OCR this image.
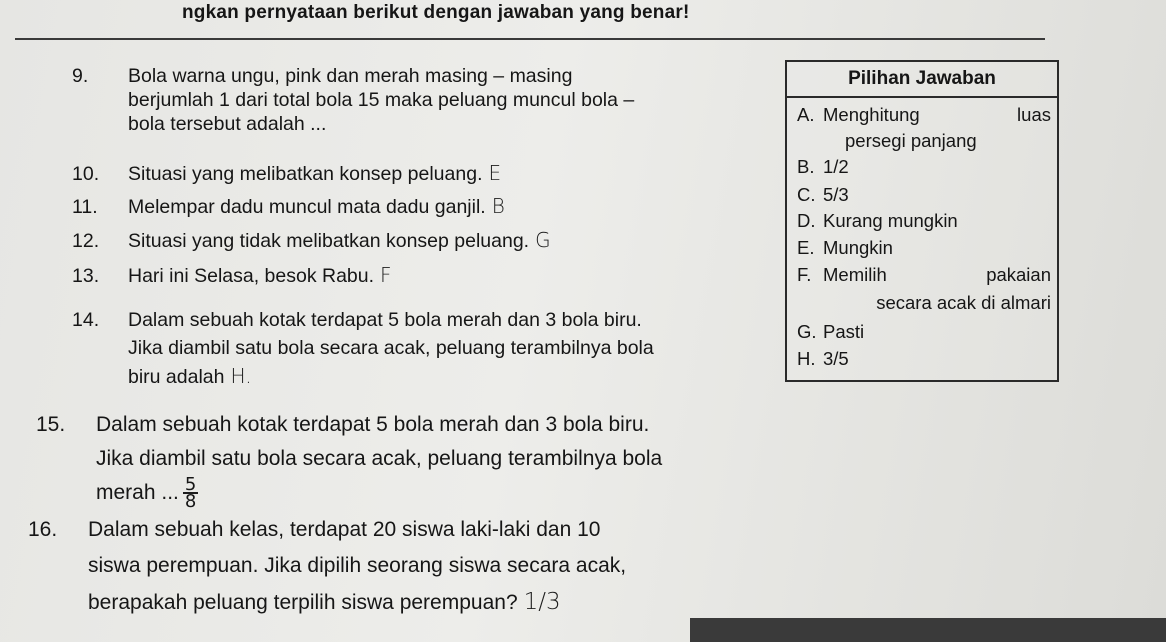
ngkan pernyataan berikut dengan jawaban yang benar!
9. Bola warna ungu, pink dan merah masing – masing
berjumlah 1 dari total bola 15 maka peluang muncul bola –
bola tersebut adalah ...
10. Situasi yang melibatkan konsep peluang. E
11. Melempar dadu muncul mata dadu ganjil. B
12. Situasi yang tidak melibatkan konsep peluang. G
13. Hari ini Selasa, besok Rabu. F
14. Dalam sebuah kotak terdapat 5 bola merah dan 3 bola biru.
Jika diambil satu bola secara acak, peluang terambilnya bola
biru adalah H.
15. Dalam sebuah kotak terdapat 5 bola merah dan 3 bola biru.
Jika diambil satu bola secara acak, peluang terambilnya bola
merah ... $\frac{5}{8}$
16. Dalam sebuah kelas, terdapat 20 siswa laki-laki dan 10
siswa perempuan. Jika dipilih seorang siswa secara acak,
berapakah peluang terpilih siswa perempuan? 1/3
Pilihan Jawaban
A. Menghitung	luas
persegi panjang
B. 1/2
C. 5/3
D. Kurang mungkin
E. Mungkin
F. Memilih	pakaian
secara acak di almari
G. Pasti
H. 3/5
